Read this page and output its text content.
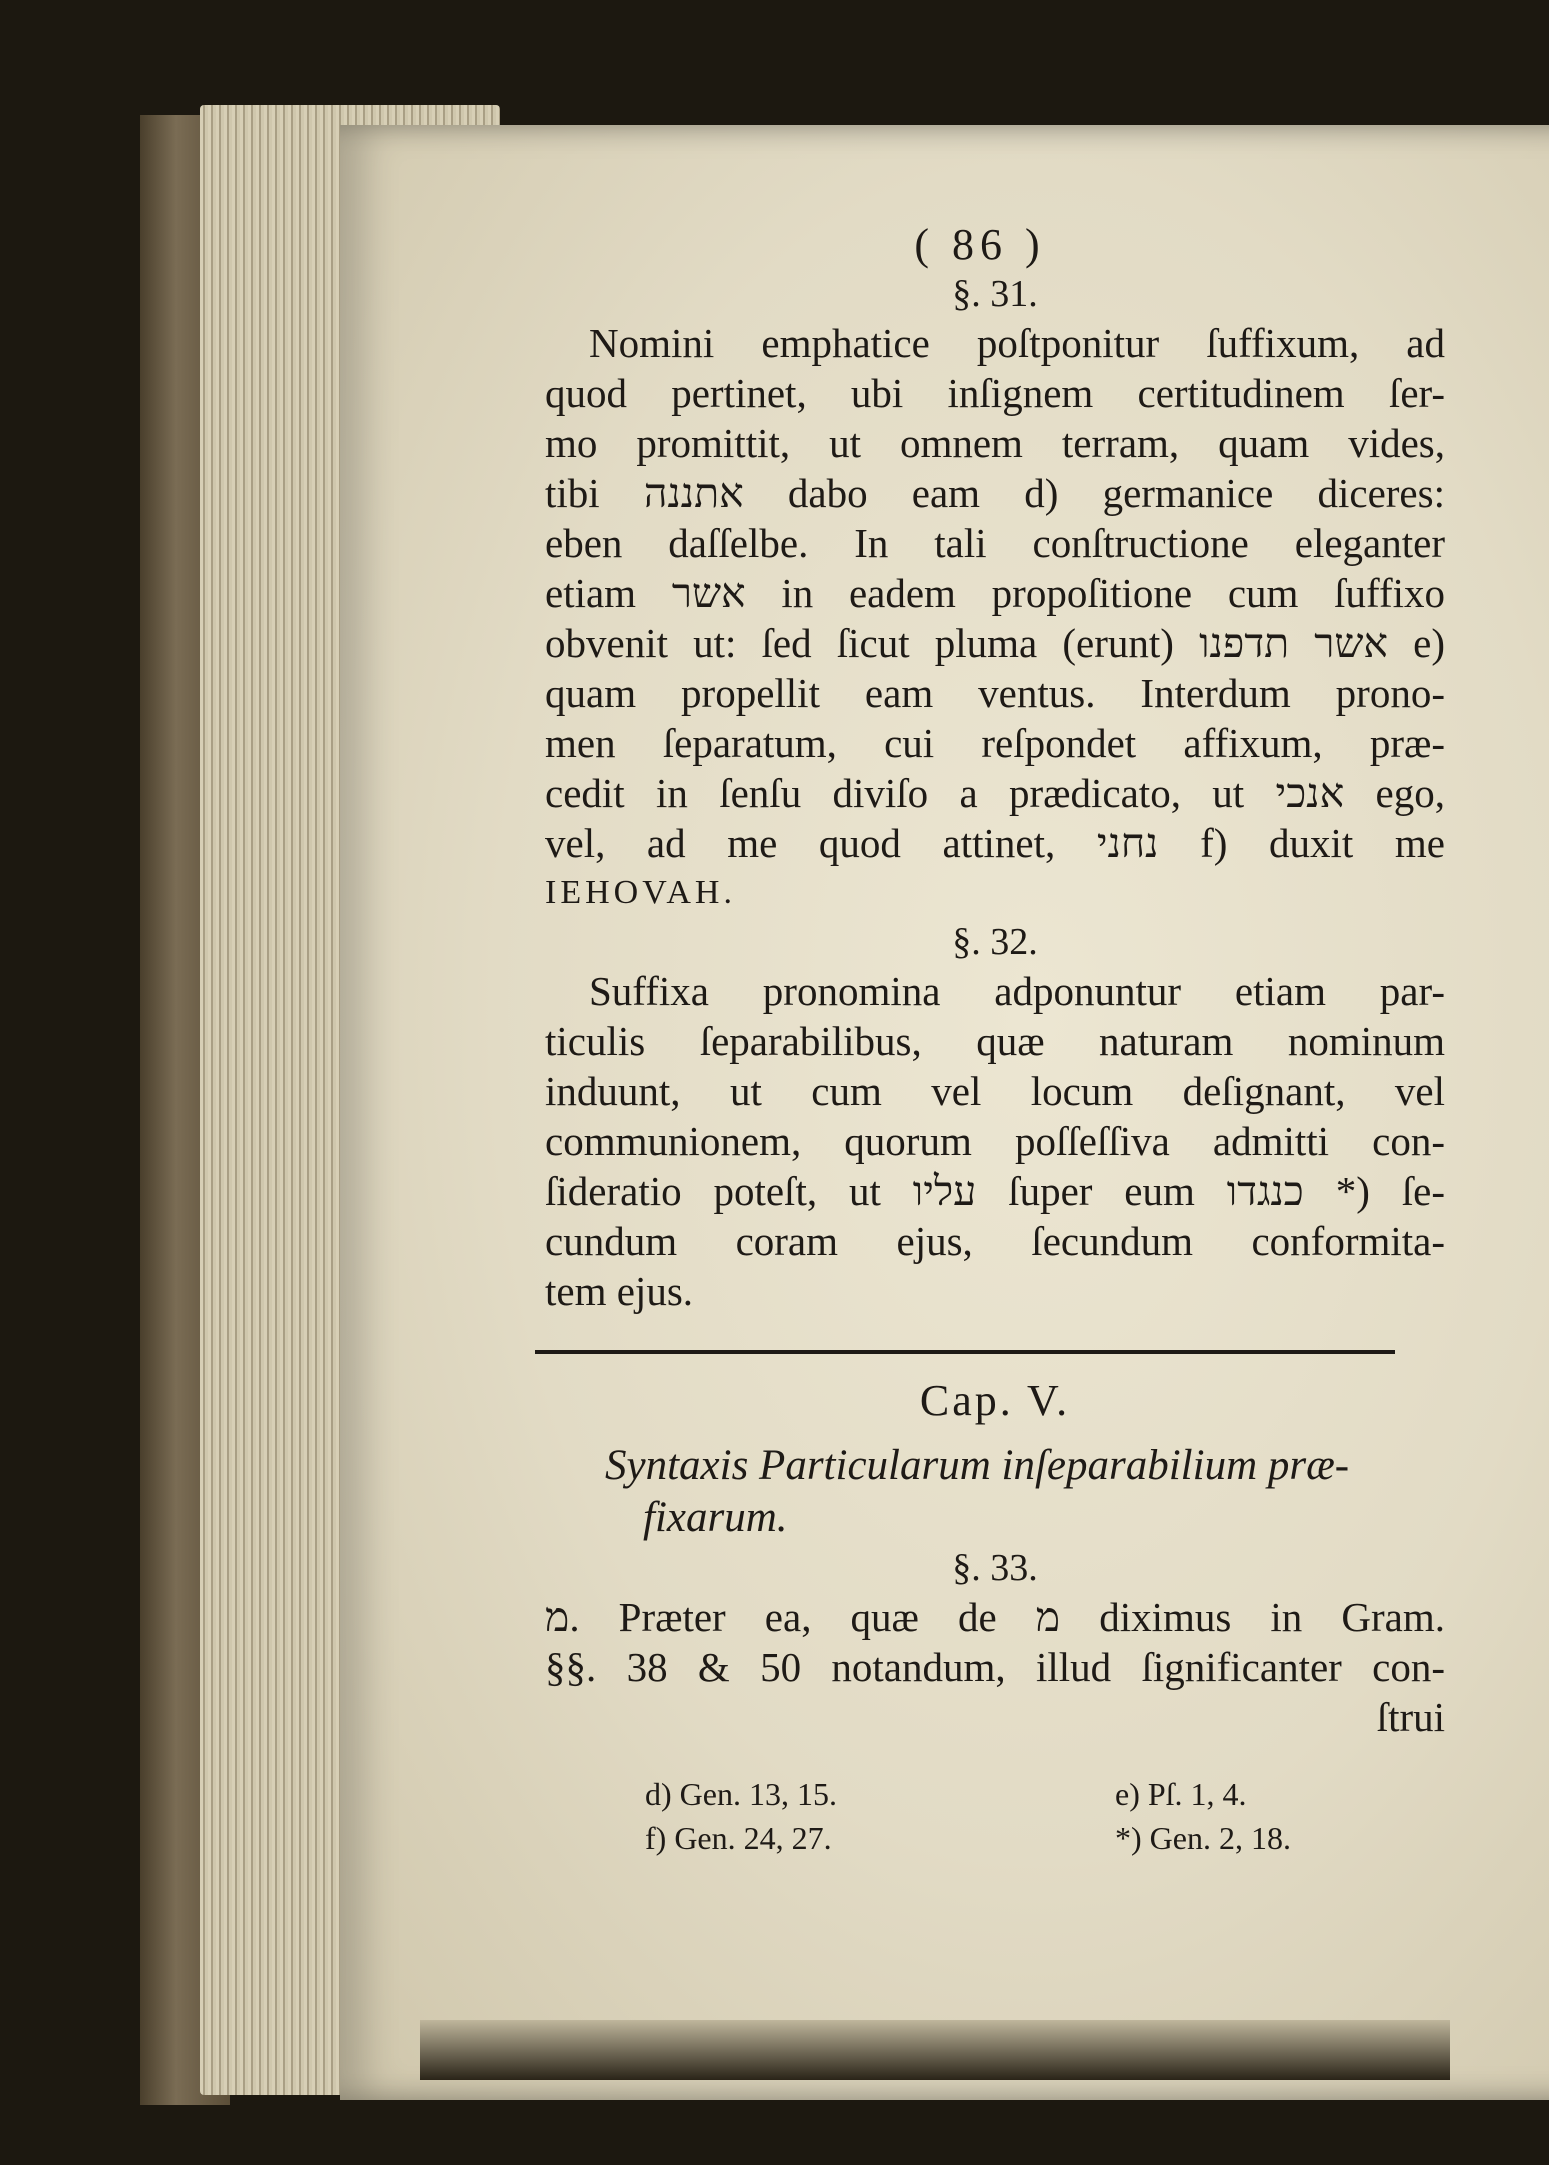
( 86 )
§. 31.

Nomini emphatice poſtponitur ſuffixum, ad
quod pertinet, ubi inſignem certitudinem ſer-
mo promittit, ut omnem terram, quam vides,
tibi אתננה dabo eam d) germanice diceres:
eben daſſelbe. In tali conſtructione eleganter
etiam אשר in eadem propoſitione cum ſuffixo
obvenit ut: ſed ſicut pluma (erunt) אשר תדפנו e)
quam propellit eam ventus. Interdum prono-
men ſeparatum, cui reſpondet affixum, præ-
cedit in ſenſu diviſo a prædicato, ut אנכי ego,
vel, ad me quod attinet, נחני f) duxit me
IEHOVAH.

§. 32.

Suffixa pronomina adponuntur etiam par-
ticulis ſeparabilibus, quæ naturam nominum
induunt, ut cum vel locum deſignant, vel
communionem, quorum poſſeſſiva admitti con-
ſideratio poteſt, ut עליו ſuper eum כנגדו *) ſe-
cundum coram ejus, ſecundum conformita-
tem ejus.

Cap. V.
Syntaxis Particularum inſeparabilium præ-
fixarum.
§. 33.

מ. Præter ea, quæ de מ diximus in Gram.
§§. 38 & 50 notandum, illud ſignificanter con-
ſtrui

d) Gen. 13, 15.	e) Pſ. 1, 4.
f) Gen. 24, 27.	*) Gen. 2, 18.
